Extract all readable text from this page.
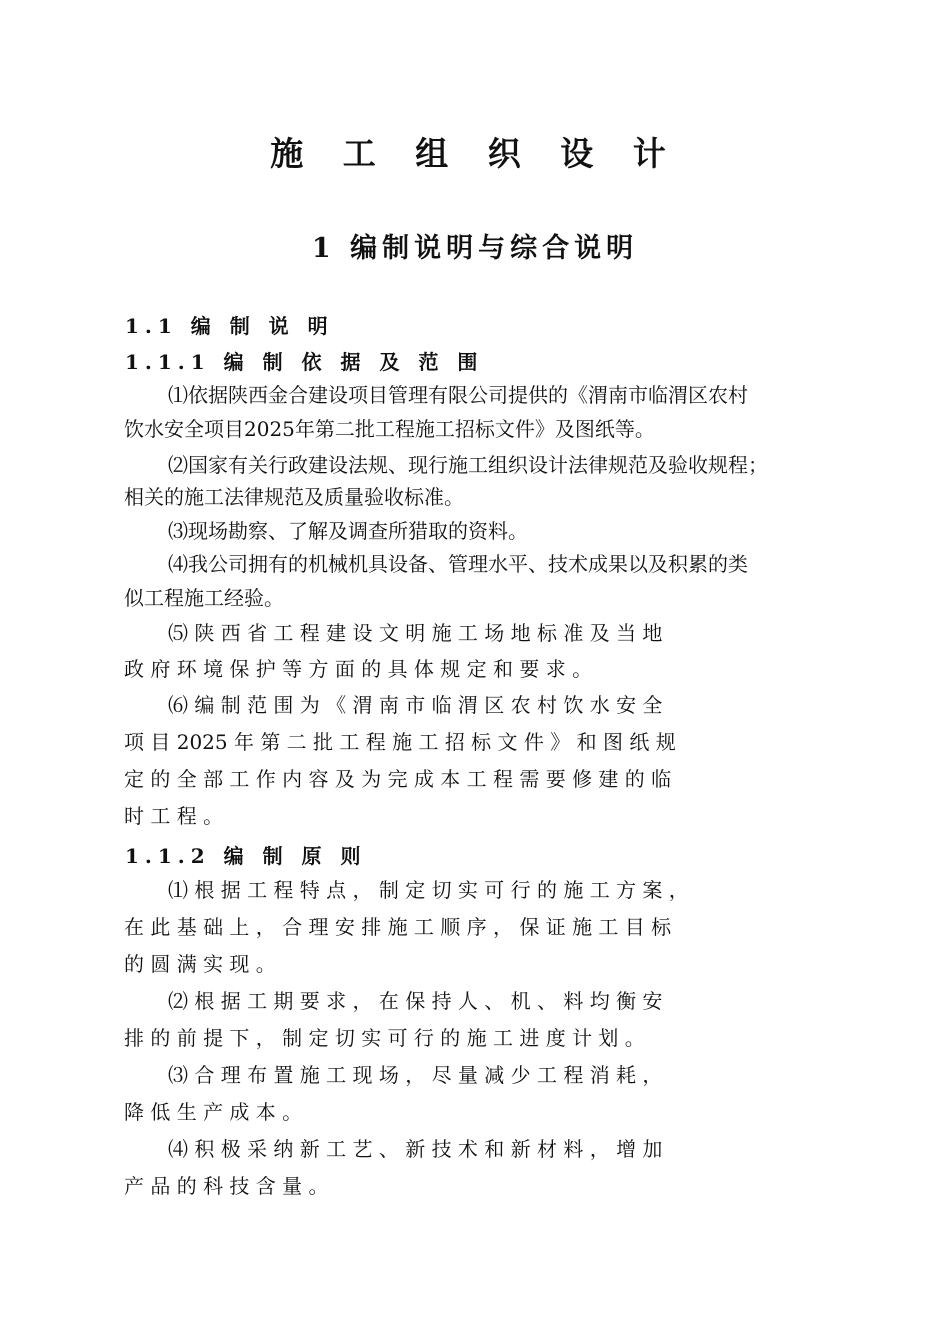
施 工 组 织 设 计
1 编制说明与综合说明
1.1 编 制 说 明
1.1.1 编 制 依 据 及 范 围
⑴依据陕西金合建设项目管理有限公司提供的《渭南市临渭区农村
饮水安全项目2025年第二批工程施工招标文件》及图纸等。
⑵国家有关行政建设法规、现行施工组织设计法律规范及验收规程；
相关的施工法律规范及质量验收标准。
⑶现场勘察、了解及调查所猎取的资料。
⑷我公司拥有的机械机具设备、管理水平、技术成果以及积累的类
似工程施工经验。
⑸ 陕 西 省 工 程 建 设 文 明 施 工 场 地 标 准 及 当 地
政 府 环 境 保 护 等 方 面 的 具 体 规 定 和 要 求 。
⑹ 编 制 范 围 为 《 渭 南 市 临 渭 区 农 村 饮 水 安 全
项 目 2025 年 第 二 批 工 程 施 工 招 标 文 件 》 和 图 纸 规
定 的 全 部 工 作 内 容 及 为 完 成 本 工 程 需 要 修 建 的 临
时 工 程 。
1.1.2 编 制 原 则
⑴ 根 据 工 程 特 点 ， 制 定 切 实 可 行 的 施 工 方 案 ，
在 此 基 础 上 ， 合 理 安 排 施 工 顺 序 ， 保 证 施 工 目 标
的 圆 满 实 现 。
⑵ 根 据 工 期 要 求 ， 在 保 持 人 、 机 、 料 均 衡 安
排 的 前 提 下 ， 制 定 切 实 可 行 的 施 工 进 度 计 划 。
⑶ 合 理 布 置 施 工 现 场 ， 尽 量 减 少 工 程 消 耗 ，
降 低 生 产 成 本 。
⑷ 积 极 采 纳 新 工 艺 、 新 技 术 和 新 材 料 ， 增 加
产 品 的 科 技 含 量 。
